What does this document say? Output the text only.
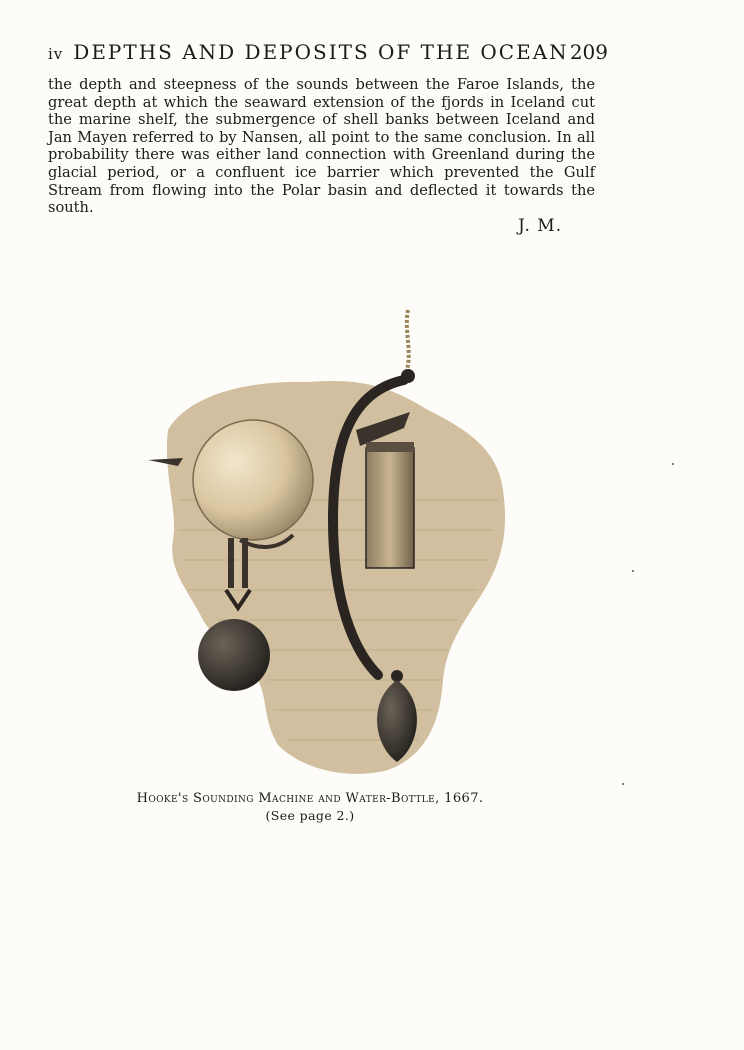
iv DEPTHS AND DEPOSITS OF THE OCEAN 209
the depth and steepness of the sounds between the Faroe Islands, the great depth at which the seaward extension of the fjords in Iceland cut the marine shelf, the submergence of shell banks between Iceland and Jan Mayen referred to by Nansen, all point to the same conclusion. In all probability there was either land connection with Greenland during the glacial period, or a confluent ice barrier which prevented the Gulf Stream from flowing into the Polar basin and deflected it towards the south.
J. M.
Hooke's Sounding Machine and Water-Bottle, 1667.
(See page 2.)
